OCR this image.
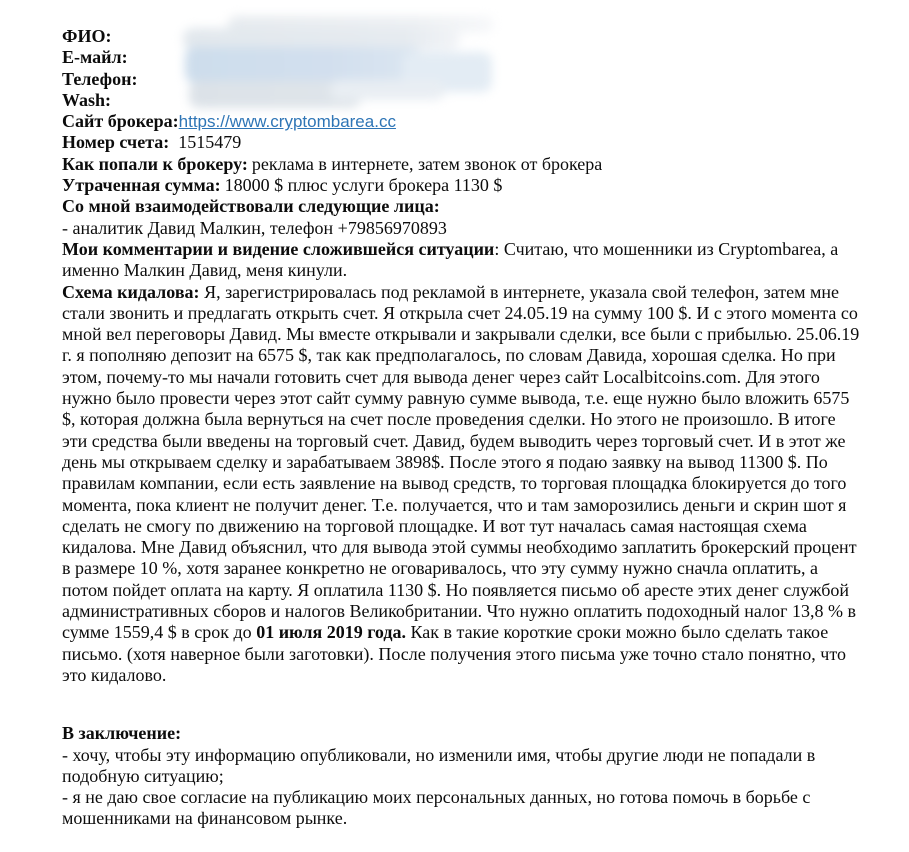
ФИО:

Е-майл:

Телефон:

Wash:

Сайт брокера:https://www.cryptombarea.cc

Номер счета: 1515479

Как попали к брокеру: реклама в интернете, затем звонок от брокера

Утраченная сумма: 18000 $ плюс услуги брокера 1130 $

Со мной взаимодействовали следующие лица:

- аналитик Давид Малкин, телефон +79856970893

Мои комментарии и видение сложившейся ситуации: Считаю, что мошенники из Cryptombarea, а именно Малкин Давид, меня кинули.

Схема кидалова: Я, зарегистрировалась под рекламой в интернете, указала свой телефон, затем мне стали звонить и предлагать открыть счет. Я открыла счет 24.05.19 на сумму 100 $. И с этого момента со мной вел переговоры Давид. Мы вместе открывали и закрывали сделки, все были с прибылью. 25.06.19 г. я пополняю депозит на 6575 $, так как предполагалось, по словам Давида, хорошая сделка. Но при этом, почему-то мы начали готовить счет для вывода денег через сайт Localbitcoins.com. Для этого нужно было провести через этот сайт сумму равную сумме вывода, т.е. еще нужно было вложить 6575 $, которая должна была вернуться на счет после проведения сделки. Но этого не произошло. В итоге эти средства были введены на торговый счет. Давид, будем выводить через торговый счет. И в этот же день мы открываем сделку и зарабатываем 3898$. После этого я подаю заявку на вывод 11300 $. По правилам компании, если есть заявление на вывод средств, то торговая площадка блокируется до того момента, пока клиент не получит денег. Т.е. получается, что и там заморозились деньги и скрин шот я сделать не смогу по движению на торговой площадке. И вот тут началась самая настоящая схема кидалова. Мне Давид объяснил, что для вывода этой суммы необходимо заплатить брокерский процент в размере 10 %, хотя заранее конкретно не оговаривалось, что эту сумму нужно сначла оплатить, а потом пойдет оплата на карту. Я оплатила 1130 $. Но появляется письмо об аресте этих денег службой административных сборов и налогов Великобритании. Что нужно оплатить подоходный налог 13,8 % в сумме 1559,4 $ в срок до 01 июля 2019 года. Как в такие короткие сроки можно было сделать такое письмо. (хотя наверное были заготовки). После получения этого письма уже точно стало понятно, что это кидалово.

В заключение:

- хочу, чтобы эту информацию опубликовали, но изменили имя, чтобы другие люди не попадали в подобную ситуацию;

- я не даю свое согласие на публикацию моих персональных данных, но готова помочь в борьбе с мошенниками на финансовом рынке.
